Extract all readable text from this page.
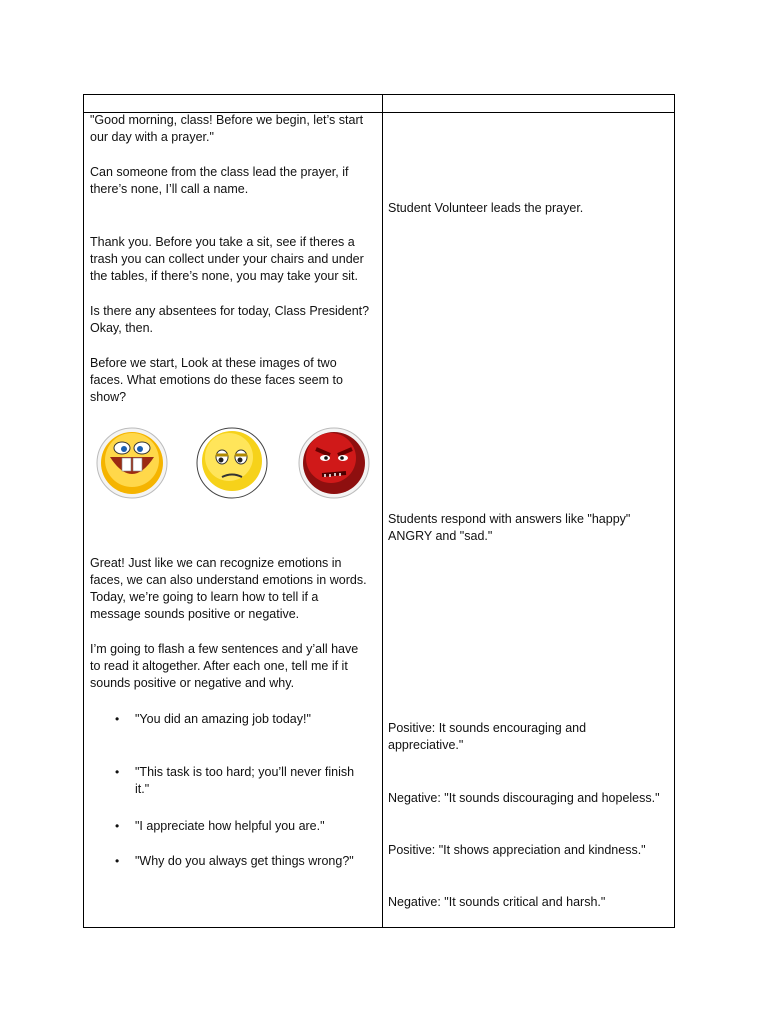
"Good morning, class! Before we begin, let’s start
our day with a prayer."
Can someone from the class lead the prayer, if
there’s none, I’ll call a name.
Thank you. Before you take a sit, see if theres a
trash you can collect under your chairs and under
the tables, if there’s none, you may take your sit.
Is there any absentees for today, Class President?
Okay, then.
Before we start, Look at these images of two
faces. What emotions do these faces seem to
show?
Great! Just like we can recognize emotions in
faces, we can also understand emotions in words.
Today, we’re going to learn how to tell if a
message sounds positive or negative.
I’m going to flash a few sentences and y’all have
to read it altogether. After each one, tell me if it
sounds positive or negative and why.
• "You did an amazing job today!"
• "This task is too hard; you’ll never finish
it."
• "I appreciate how helpful you are."
• "Why do you always get things wrong?"
Student Volunteer leads the prayer.
Students respond with answers like "happy"
ANGRY and "sad."
Positive: It sounds encouraging and
appreciative."
Negative: "It sounds discouraging and hopeless."
Positive: "It shows appreciation and kindness."
Negative: "It sounds critical and harsh."
